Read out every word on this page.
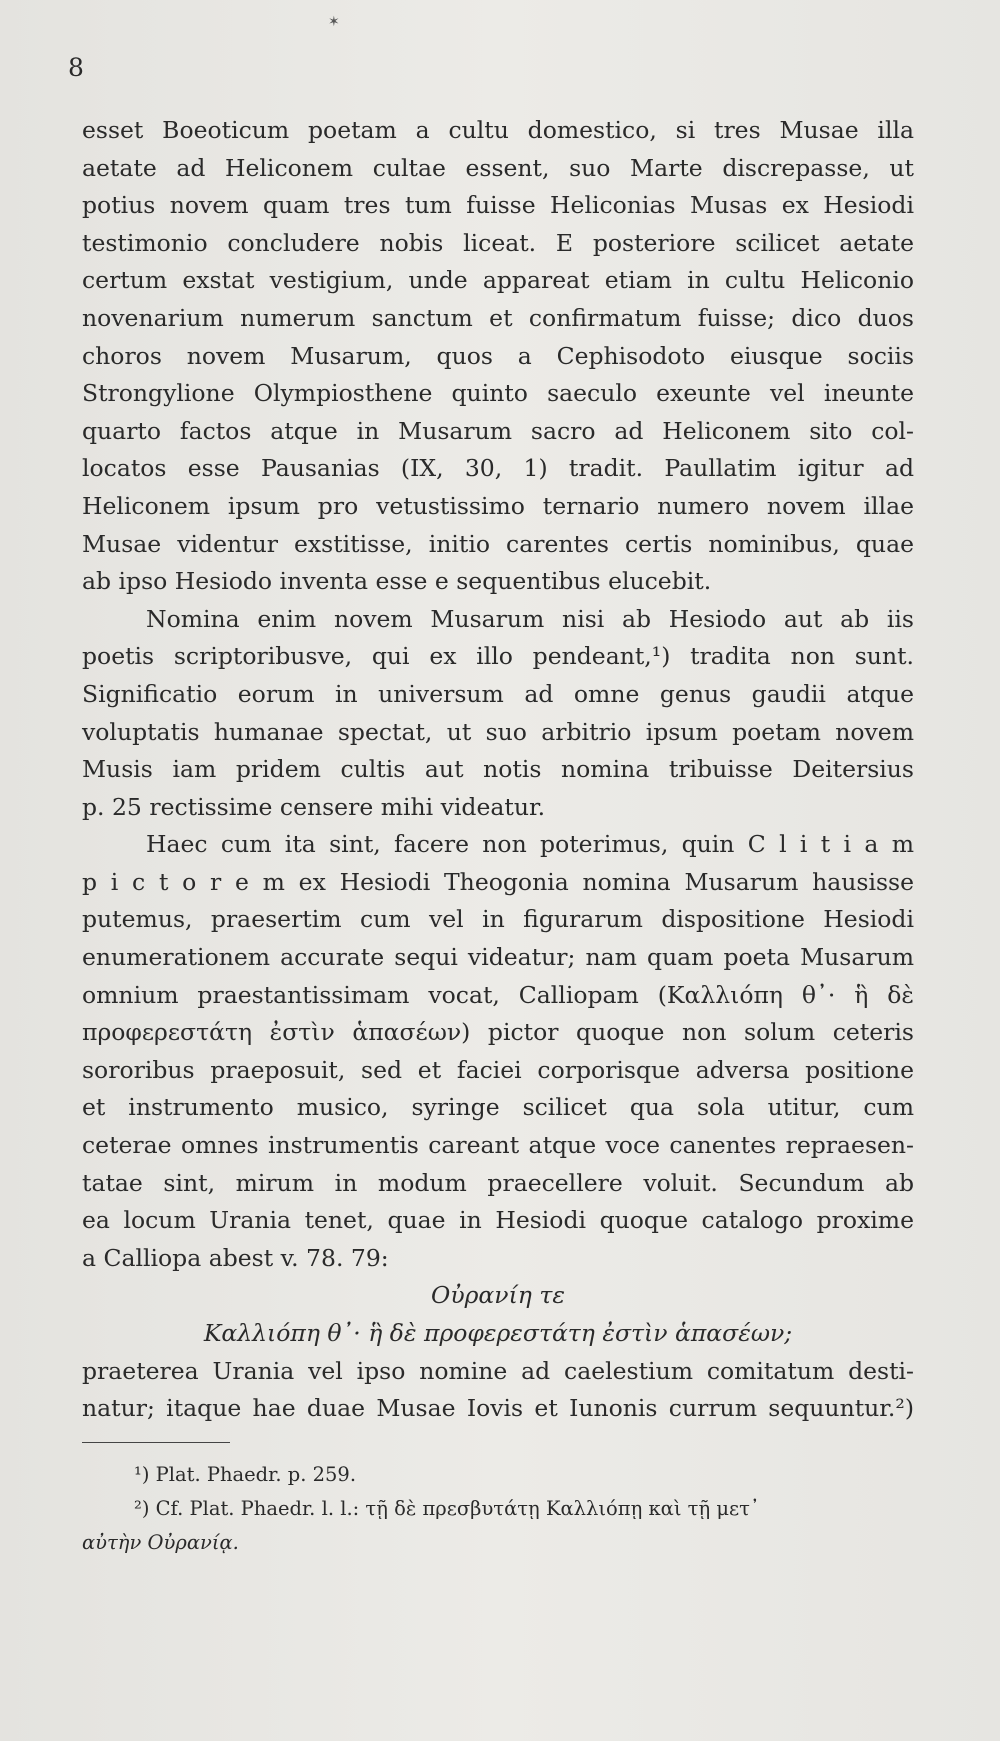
✶
8
esset Boeoticum poetam a cultu domestico, si tres Musae illa
aetate ad Heliconem cultae essent, suo Marte discrepasse, ut
potius novem quam tres tum fuisse Heliconias Musas ex Hesiodi
testimonio concludere nobis liceat. E posteriore scilicet aetate
certum exstat vestigium, unde appareat etiam in cultu Heliconio
novenarium numerum sanctum et confirmatum fuisse; dico duos
choros novem Musarum, quos a Cephisodoto eiusque sociis
Strongylione Olympiosthene quinto saeculo exeunte vel ineunte
quarto factos atque in Musarum sacro ad Heliconem sito col-
locatos esse Pausanias (IX, 30, 1) tradit. Paullatim igitur ad
Heliconem ipsum pro vetustissimo ternario numero novem illae
Musae videntur exstitisse, initio carentes certis nominibus, quae
ab ipso Hesiodo inventa esse e sequentibus elucebit.
Nomina enim novem Musarum nisi ab Hesiodo aut ab iis
poetis scriptoribusve, qui ex illo pendeant,¹) tradita non sunt.
Significatio eorum in universum ad omne genus gaudii atque
voluptatis humanae spectat, ut suo arbitrio ipsum poetam novem
Musis iam pridem cultis aut notis nomina tribuisse Deitersius
p. 25 rectissime censere mihi videatur.
Haec cum ita sint, facere non poterimus, quin C l i t i a m
p i c t o r e m ex Hesiodi Theogonia nomina Musarum hausisse
putemus, praesertim cum vel in figurarum dispositione Hesiodi
enumerationem accurate sequi videatur; nam quam poeta Musarum
omnium praestantissimam vocat, Calliopam (Καλλιόπη θ᾽· ἣ δὲ
προφερεστάτη ἐστὶν ἁπασέων) pictor quoque non solum ceteris
sororibus praeposuit, sed et faciei corporisque adversa positione
et instrumento musico, syringe scilicet qua sola utitur, cum
ceterae omnes instrumentis careant atque voce canentes repraesen-
tatae sint, mirum in modum praecellere voluit. Secundum ab
ea locum Urania tenet, quae in Hesiodi quoque catalogo proxime
a Calliopa abest v. 78. 79:
Οὐρανίη τε
Καλλιόπη θ᾽· ἣ δὲ προφερεστάτη ἐστὶν ἁπασέων;
praeterea Urania vel ipso nomine ad caelestium comitatum desti-
natur; itaque hae duae Musae Iovis et Iunonis currum sequuntur.²)
¹) Plat. Phaedr. p. 259.
²) Cf. Plat. Phaedr. l. l.: τῇ δὲ πρεσβυτάτῃ Καλλιόπῃ καὶ τῇ μετ᾽
αὐτὴν Οὐρανίᾳ.
